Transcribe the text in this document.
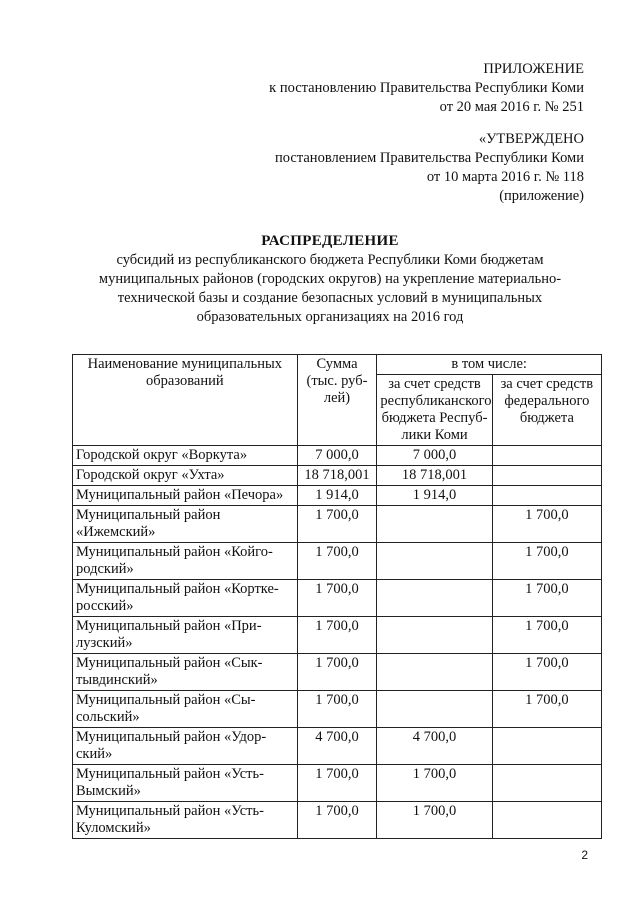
ПРИЛОЖЕНИЕ
к постановлению Правительства Республики Коми
от 20 мая 2016 г. № 251
«УТВЕРЖДЕНО
постановлением Правительства Республики Коми
от 10 марта 2016 г. № 118
(приложение)
РАСПРЕДЕЛЕНИЕ
субсидий из республиканского бюджета Республики Коми бюджетам
муниципальных районов (городских округов) на укрепление материально-
технической базы и создание безопасных условий в муниципальных
образовательных организациях на 2016 год
Наименование муниципальных образований	Сумма (тыс. руб-лей)	в том числе:	
		за счет средств республиканского бюджета Респуб-лики Коми	за счет средств федерального бюджета
Городской округ «Воркута»	7 000,0	7 000,0	
Городской округ «Ухта»	18 718,001	18 718,001	
Муниципальный район «Печора»	1 914,0	1 914,0	
Муниципальный район «Ижемский»	1 700,0		1 700,0
Муниципальный район «Койго-родский»	1 700,0		1 700,0
Муниципальный район «Кортке-росский»	1 700,0		1 700,0
Муниципальный район «При-лузский»	1 700,0		1 700,0
Муниципальный район «Сык-тывдинский»	1 700,0		1 700,0
Муниципальный район «Сы-сольский»	1 700,0		1 700,0
Муниципальный район «Удор-ский»	4 700,0	4 700,0	
Муниципальный район «Усть-Вымский»	1 700,0	1 700,0	
Муниципальный район «Усть-Куломский»	1 700,0	1 700,0	
2
